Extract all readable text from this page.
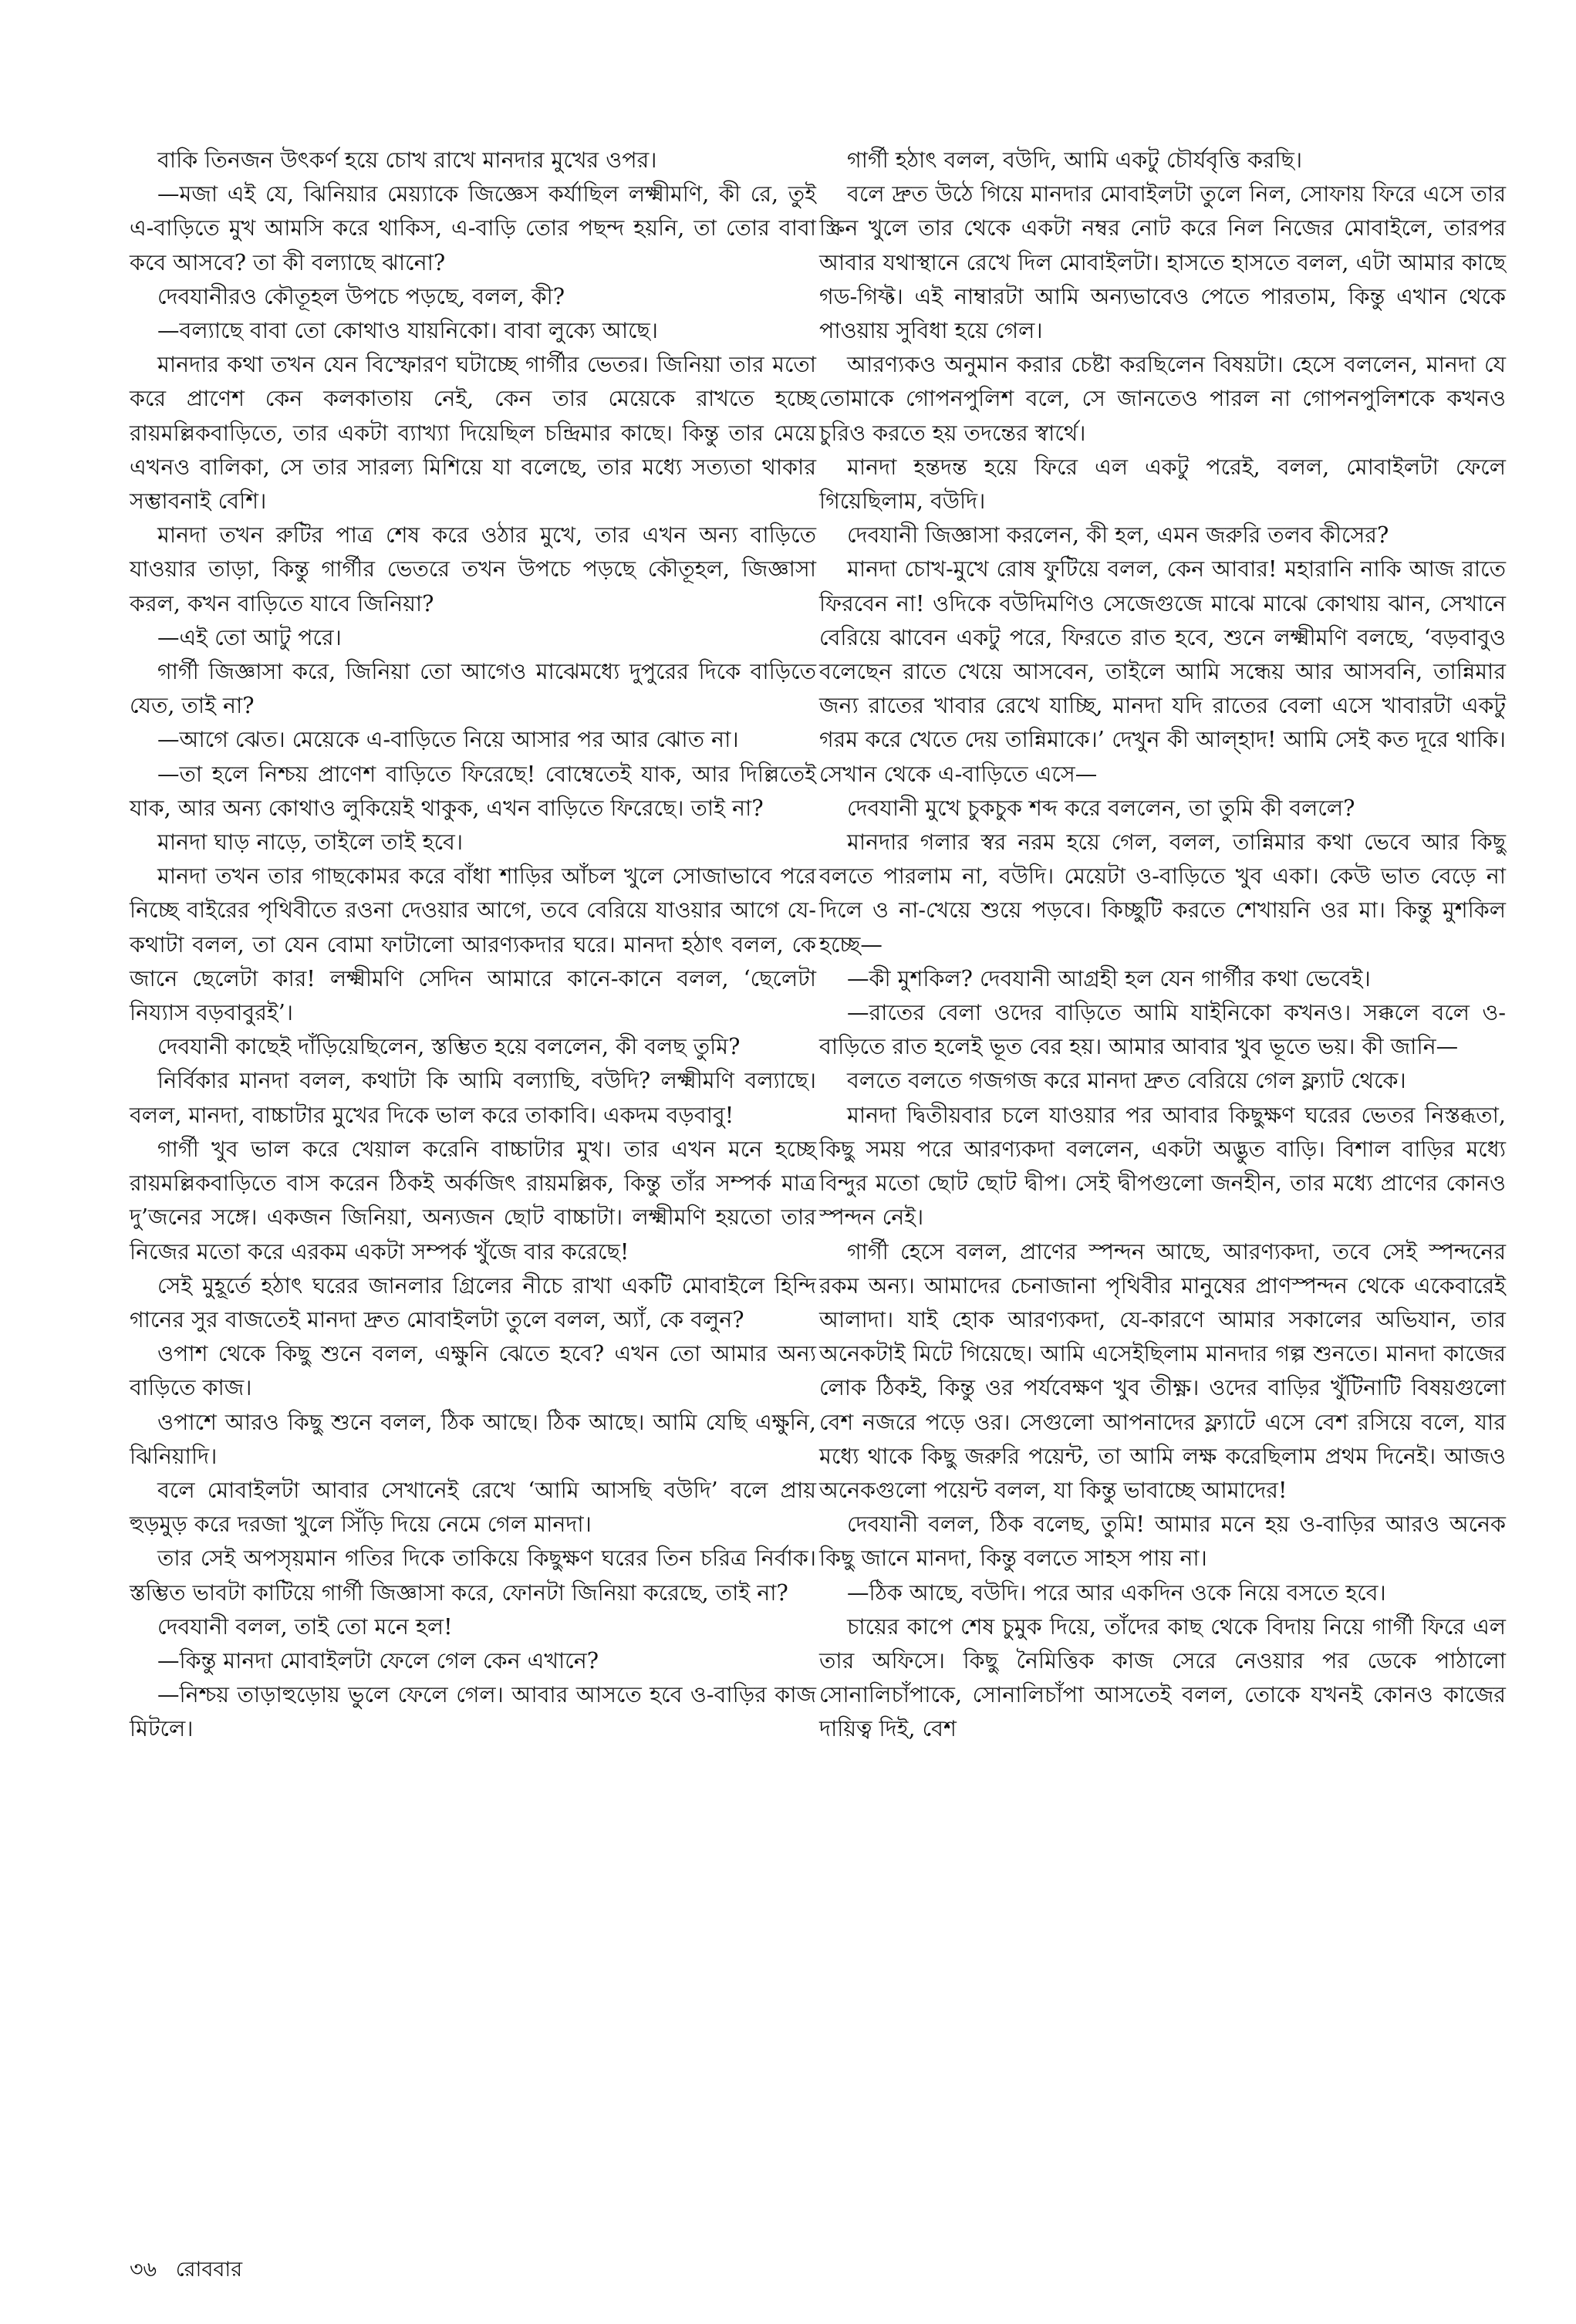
বাকি তিনজন উৎকর্ণ হয়ে চোখ রাখে মানদার মুখের ওপর।

—মজা এই যে, ঝিনিয়ার মেয়্যাকে জিজ্ঞেস কর্যাছিল লক্ষ্মীমণি, কী রে, তুই এ-বাড়িতে মুখ আমসি করে থাকিস, এ-বাড়ি তোর পছন্দ হয়নি, তা তোর বাবা কবে আসবে? তা কী বল্যাছে ঝানো?

দেবযানীরও কৌতূহল উপচে পড়ছে, বলল, কী?

—বল্যাছে বাবা তো কোথাও যায়নিকো। বাবা লুক্যে আছে।

মানদার কথা তখন যেন বিস্ফোরণ ঘটাচ্ছে গার্গীর ভেতর। জিনিয়া তার মতো করে প্রাণেশ কেন কলকাতায় নেই, কেন তার মেয়েকে রাখতে হচ্ছে রায়মল্লিকবাড়িতে, তার একটা ব্যাখ্যা দিয়েছিল চন্দ্রিমার কাছে। কিন্তু তার মেয়ে এখনও বালিকা, সে তার সারল্য মিশিয়ে যা বলেছে, তার মধ্যে সত্যতা থাকার সম্ভাবনাই বেশি।

মানদা তখন রুটির পাত্র শেষ করে ওঠার মুখে, তার এখন অন্য বাড়িতে যাওয়ার তাড়া, কিন্তু গার্গীর ভেতরে তখন উপচে পড়ছে কৌতূহল, জিজ্ঞাসা করল, কখন বাড়িতে যাবে জিনিয়া?

—এই তো আটু পরে।

গার্গী জিজ্ঞাসা করে, জিনিয়া তো আগেও মাঝেমধ্যে দুপুরের দিকে বাড়িতে যেত, তাই না?

—আগে ঝেত। মেয়েকে এ-বাড়িতে নিয়ে আসার পর আর ঝোত না।

—তা হলে নিশ্চয় প্রাণেশ বাড়িতে ফিরেছে! বোম্বেতেই যাক, আর দিল্লিতেই যাক, আর অন্য কোথাও লুকিয়েই থাকুক, এখন বাড়িতে ফিরেছে। তাই না?

মানদা ঘাড় নাড়ে, তাইলে তাই হবে।

মানদা তখন তার গাছকোমর করে বাঁধা শাড়ির আঁচল খুলে সোজাভাবে পরে নিচ্ছে বাইরের পৃথিবীতে রওনা দেওয়ার আগে, তবে বেরিয়ে যাওয়ার আগে যে-কথাটা বলল, তা যেন বোমা ফাটালো আরণ্যকদার ঘরে। মানদা হঠাৎ বলল, কে জানে ছেলেটা কার! লক্ষ্মীমণি সেদিন আমারে কানে-কানে বলল, ‘ছেলেটা নিয্যাস বড়বাবুরই’।

দেবযানী কাছেই দাঁড়িয়েছিলেন, স্তম্ভিত হয়ে বললেন, কী বলছ তুমি?

নির্বিকার মানদা বলল, কথাটা কি আমি বল্যাছি, বউদি? লক্ষ্মীমণি বল্যাছে। বলল, মানদা, বাচ্চাটার মুখের দিকে ভাল করে তাকাবি। একদম বড়বাবু!

গার্গী খুব ভাল করে খেয়াল করেনি বাচ্চাটার মুখ। তার এখন মনে হচ্ছে রায়মল্লিকবাড়িতে বাস করেন ঠিকই অর্কজিৎ রায়মল্লিক, কিন্তু তাঁর সম্পর্ক মাত্র দু’জনের সঙ্গে। একজন জিনিয়া, অন্যজন ছোট বাচ্চাটা। লক্ষ্মীমণি হয়তো তার নিজের মতো করে এরকম একটা সম্পর্ক খুঁজে বার করেছে!

সেই মুহূর্তে হঠাৎ ঘরের জানলার গ্রিলের নীচে রাখা একটি মোবাইলে হিন্দি গানের সুর বাজতেই মানদা দ্রুত মোবাইলটা তুলে বলল, অ্যাঁ, কে বলুন?

ওপাশ থেকে কিছু শুনে বলল, এক্ষুনি ঝেতে হবে? এখন তো আমার অন্য বাড়িতে কাজ।

ওপাশে আরও কিছু শুনে বলল, ঠিক আছে। ঠিক আছে। আমি যেছি এক্ষুনি, ঝিনিয়াদি।

বলে মোবাইলটা আবার সেখানেই রেখে ‘আমি আসছি বউদি’ বলে প্রায় হুড়মুড় করে দরজা খুলে সিঁড়ি দিয়ে নেমে গেল মানদা।

তার সেই অপসৃয়মান গতির দিকে তাকিয়ে কিছুক্ষণ ঘরের তিন চরিত্র নির্বাক। স্তম্ভিত ভাবটা কাটিয়ে গার্গী জিজ্ঞাসা করে, ফোনটা জিনিয়া করেছে, তাই না?

দেবযানী বলল, তাই তো মনে হল!

—কিন্তু মানদা মোবাইলটা ফেলে গেল কেন এখানে?

—নিশ্চয় তাড়াহুড়োয় ভুলে ফেলে গেল। আবার আসতে হবে ও-বাড়ির কাজ মিটলে।

গার্গী হঠাৎ বলল, বউদি, আমি একটু চৌর্যবৃত্তি করছি।

বলে দ্রুত উঠে গিয়ে মানদার মোবাইলটা তুলে নিল, সোফায় ফিরে এসে তার স্ক্রিন খুলে তার থেকে একটা নম্বর নোট করে নিল নিজের মোবাইলে, তারপর আবার যথাস্থানে রেখে দিল মোবাইলটা। হাসতে হাসতে বলল, এটা আমার কাছে গড-গিফ্ট। এই নাম্বারটা আমি অন্যভাবেও পেতে পারতাম, কিন্তু এখান থেকে পাওয়ায় সুবিধা হয়ে গেল।

আরণ্যকও অনুমান করার চেষ্টা করছিলেন বিষয়টা। হেসে বললেন, মানদা যে তোমাকে গোপনপুলিশ বলে, সে জানতেও পারল না গোপনপুলিশকে কখনও চুরিও করতে হয় তদন্তের স্বার্থে।

মানদা হন্তদন্ত হয়ে ফিরে এল একটু পরেই, বলল, মোবাইলটা ফেলে গিয়েছিলাম, বউদি।

দেবযানী জিজ্ঞাসা করলেন, কী হল, এমন জরুরি তলব কীসের?

মানদা চোখ-মুখে রোষ ফুটিয়ে বলল, কেন আবার! মহারানি নাকি আজ রাতে ফিরবেন না! ওদিকে বউদিমণিও সেজেগুজে মাঝে মাঝে কোথায় ঝান, সেখানে বেরিয়ে ঝাবেন একটু পরে, ফিরতে রাত হবে, শুনে লক্ষ্মীমণি বলছে, ‘বড়বাবুও বলেছেন রাতে খেয়ে আসবেন, তাইলে আমি সন্ধেয় আর আসবনি, তান্নিমার জন্য রাতের খাবার রেখে যাচ্ছি, মানদা যদি রাতের বেলা এসে খাবারটা একটু গরম করে খেতে দেয় তান্নিমাকে।’ দেখুন কী আল্হাদ! আমি সেই কত দূরে থাকি। সেখান থেকে এ-বাড়িতে এসে—

দেবযানী মুখে চুকচুক শব্দ করে বললেন, তা তুমি কী বললে?

মানদার গলার স্বর নরম হয়ে গেল, বলল, তান্নিমার কথা ভেবে আর কিছু বলতে পারলাম না, বউদি। মেয়েটা ও-বাড়িতে খুব একা। কেউ ভাত বেড়ে না দিলে ও না-খেয়ে শুয়ে পড়বে। কিচ্ছুটি করতে শেখায়নি ওর মা। কিন্তু মুশকিল হচ্ছে—

—কী মুশকিল? দেবযানী আগ্রহী হল যেন গার্গীর কথা ভেবেই।

—রাতের বেলা ওদের বাড়িতে আমি যাইনিকো কখনও। সক্কলে বলে ও-বাড়িতে রাত হলেই ভূত বের হয়। আমার আবার খুব ভূতে ভয়। কী জানি—

বলতে বলতে গজগজ করে মানদা দ্রুত বেরিয়ে গেল ফ্ল্যাট থেকে।

মানদা দ্বিতীয়বার চলে যাওয়ার পর আবার কিছুক্ষণ ঘরের ভেতর নিস্তব্ধতা, কিছু সময় পরে আরণ্যকদা বললেন, একটা অদ্ভুত বাড়ি। বিশাল বাড়ির মধ্যে বিন্দুর মতো ছোট ছোট দ্বীপ। সেই দ্বীপগুলো জনহীন, তার মধ্যে প্রাণের কোনও স্পন্দন নেই।

গার্গী হেসে বলল, প্রাণের স্পন্দন আছে, আরণ্যকদা, তবে সেই স্পন্দনের রকম অন্য। আমাদের চেনাজানা পৃথিবীর মানুষের প্রাণস্পন্দন থেকে একেবারেই আলাদা। যাই হোক আরণ্যকদা, যে-কারণে আমার সকালের অভিযান, তার অনেকটাই মিটে গিয়েছে। আমি এসেইছিলাম মানদার গল্প শুনতে। মানদা কাজের লোক ঠিকই, কিন্তু ওর পর্যবেক্ষণ খুব তীক্ষ্ণ। ওদের বাড়ির খুঁটিনাটি বিষয়গুলো বেশ নজরে পড়ে ওর। সেগুলো আপনাদের ফ্ল্যাটে এসে বেশ রসিয়ে বলে, যার মধ্যে থাকে কিছু জরুরি পয়েন্ট, তা আমি লক্ষ করেছিলাম প্রথম দিনেই। আজও অনেকগুলো পয়েন্ট বলল, যা কিন্তু ভাবাচ্ছে আমাদের!

দেবযানী বলল, ঠিক বলেছ, তুমি! আমার মনে হয় ও-বাড়ির আরও অনেক কিছু জানে মানদা, কিন্তু বলতে সাহস পায় না।

—ঠিক আছে, বউদি। পরে আর একদিন ওকে নিয়ে বসতে হবে।

চায়ের কাপে শেষ চুমুক দিয়ে, তাঁদের কাছ থেকে বিদায় নিয়ে গার্গী ফিরে এল তার অফিসে। কিছু নৈমিত্তিক কাজ সেরে নেওয়ার পর ডেকে পাঠালো সোনালিচাঁপাকে, সোনালিচাঁপা আসতেই বলল, তোকে যখনই কোনও কাজের দায়িত্ব দিই, বেশ

৩৬ রোববার
